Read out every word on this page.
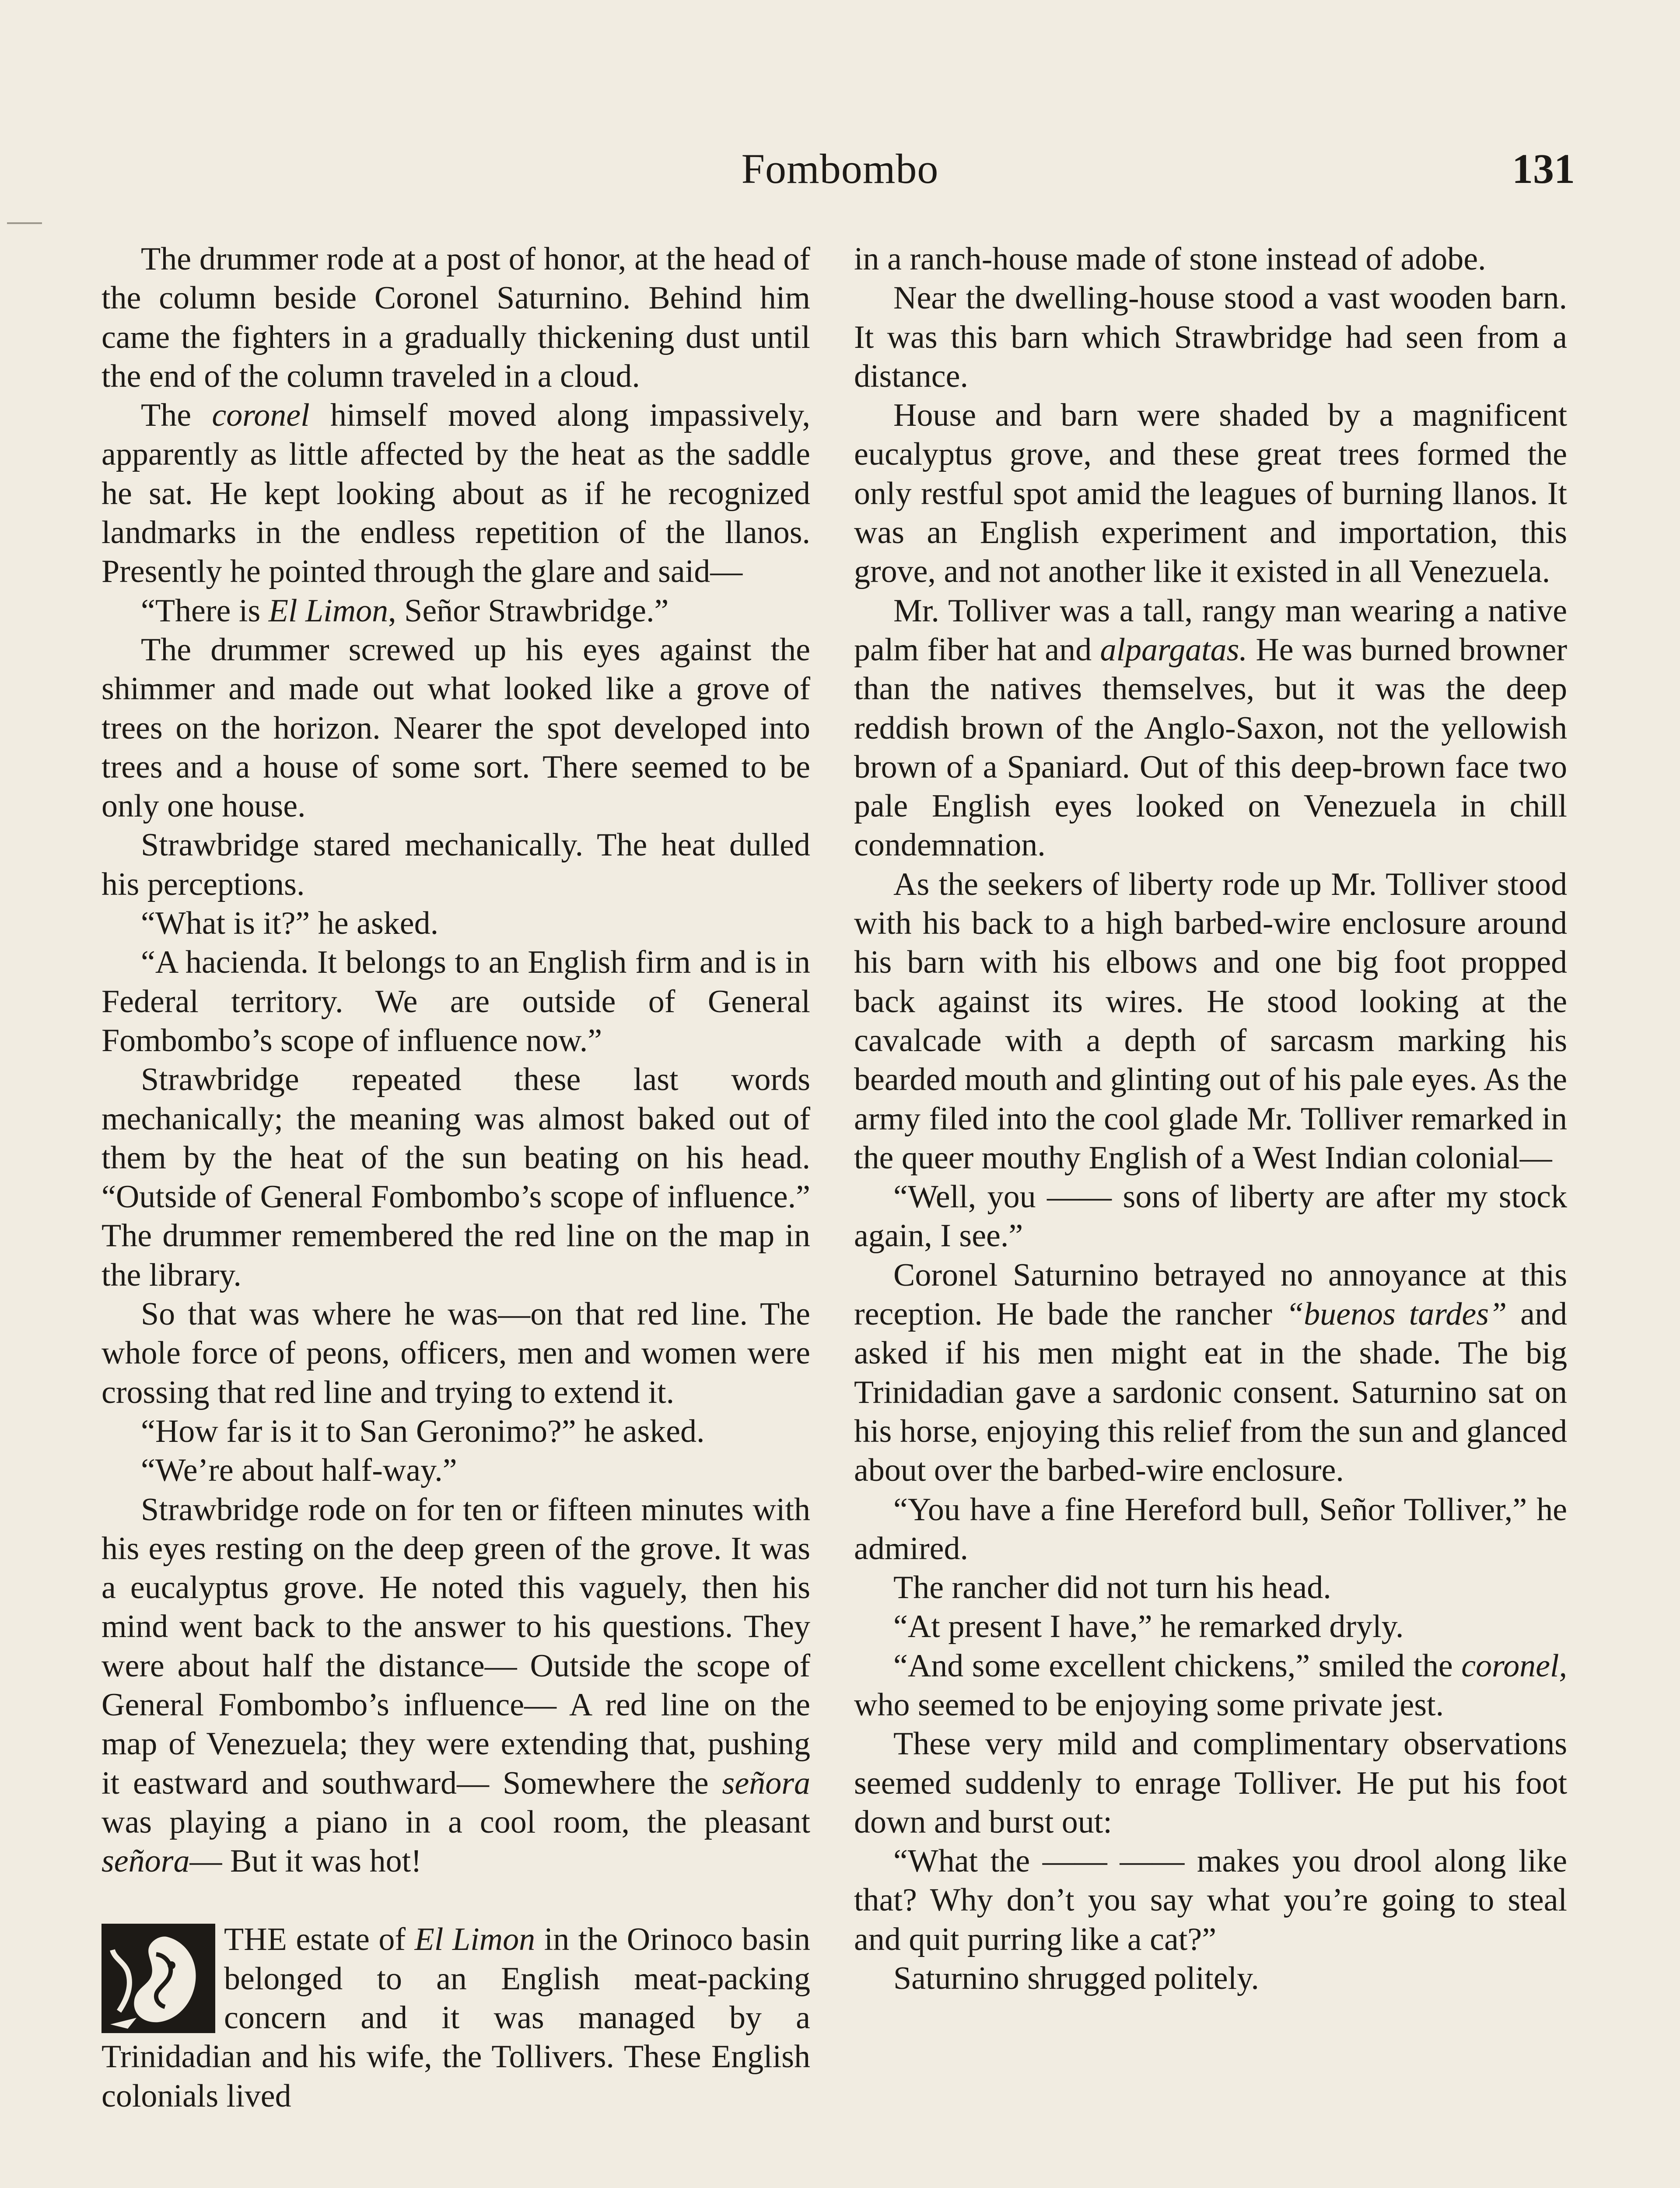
Fombombo	131

The drummer rode at a post of honor, at the head of the column beside Coronel Saturnino. Behind him came the fighters in a gradually thickening dust until the end of the column traveled in a cloud.

The coronel himself moved along impassively, apparently as little affected by the heat as the saddle he sat. He kept looking about as if he recognized landmarks in the endless repetition of the llanos. Presently he pointed through the glare and said—

“There is El Limon, Señor Strawbridge.”

The drummer screwed up his eyes against the shimmer and made out what looked like a grove of trees on the horizon. Nearer the spot developed into trees and a house of some sort. There seemed to be only one house.

Strawbridge stared mechanically. The heat dulled his perceptions.

“What is it?” he asked.

“A hacienda. It belongs to an English firm and is in Federal territory. We are outside of General Fombombo’s scope of influence now.”

Strawbridge repeated these last words mechanically; the meaning was almost baked out of them by the heat of the sun beating on his head. “Outside of General Fombombo’s scope of influence.” The drummer remembered the red line on the map in the library.

So that was where he was—on that red line. The whole force of peons, officers, men and women were crossing that red line and trying to extend it.

“How far is it to San Geronimo?” he asked.

“We’re about half-way.”

Strawbridge rode on for ten or fifteen minutes with his eyes resting on the deep green of the grove. It was a eucalyptus grove. He noted this vaguely, then his mind went back to the answer to his questions. They were about half the distance— Outside the scope of General Fombombo’s influence— A red line on the map of Venezuela; they were extending that, pushing it eastward and southward— Somewhere the señora was playing a piano in a cool room, the pleasant señora— But it was hot!

THE estate of El Limon in the Orinoco basin belonged to an English meat-packing concern and it was managed by a Trinidadian and his wife, the Tollivers. These English colonials lived

in a ranch-house made of stone instead of adobe.

Near the dwelling-house stood a vast wooden barn. It was this barn which Strawbridge had seen from a distance.

House and barn were shaded by a magnificent eucalyptus grove, and these great trees formed the only restful spot amid the leagues of burning llanos. It was an English experiment and importation, this grove, and not another like it existed in all Venezuela.

Mr. Tolliver was a tall, rangy man wearing a native palm fiber hat and alpargatas. He was burned browner than the natives themselves, but it was the deep reddish brown of the Anglo-Saxon, not the yellowish brown of a Spaniard. Out of this deep-brown face two pale English eyes looked on Venezuela in chill condemnation.

As the seekers of liberty rode up Mr. Tolliver stood with his back to a high barbed-wire enclosure around his barn with his elbows and one big foot propped back against its wires. He stood looking at the cavalcade with a depth of sarcasm marking his bearded mouth and glinting out of his pale eyes. As the army filed into the cool glade Mr. Tolliver remarked in the queer mouthy English of a West Indian colonial—

“Well, you —— sons of liberty are after my stock again, I see.”

Coronel Saturnino betrayed no annoyance at this reception. He bade the rancher “buenos tardes” and asked if his men might eat in the shade. The big Trinidadian gave a sardonic consent. Saturnino sat on his horse, enjoying this relief from the sun and glanced about over the barbed-wire enclosure.

“You have a fine Hereford bull, Señor Tolliver,” he admired.

The rancher did not turn his head.

“At present I have,” he remarked dryly.

“And some excellent chickens,” smiled the coronel, who seemed to be enjoying some private jest.

These very mild and complimentary observations seemed suddenly to enrage Tolliver. He put his foot down and burst out:

“What the —— —— makes you drool along like that? Why don’t you say what you’re going to steal and quit purring like a cat?”

Saturnino shrugged politely.
